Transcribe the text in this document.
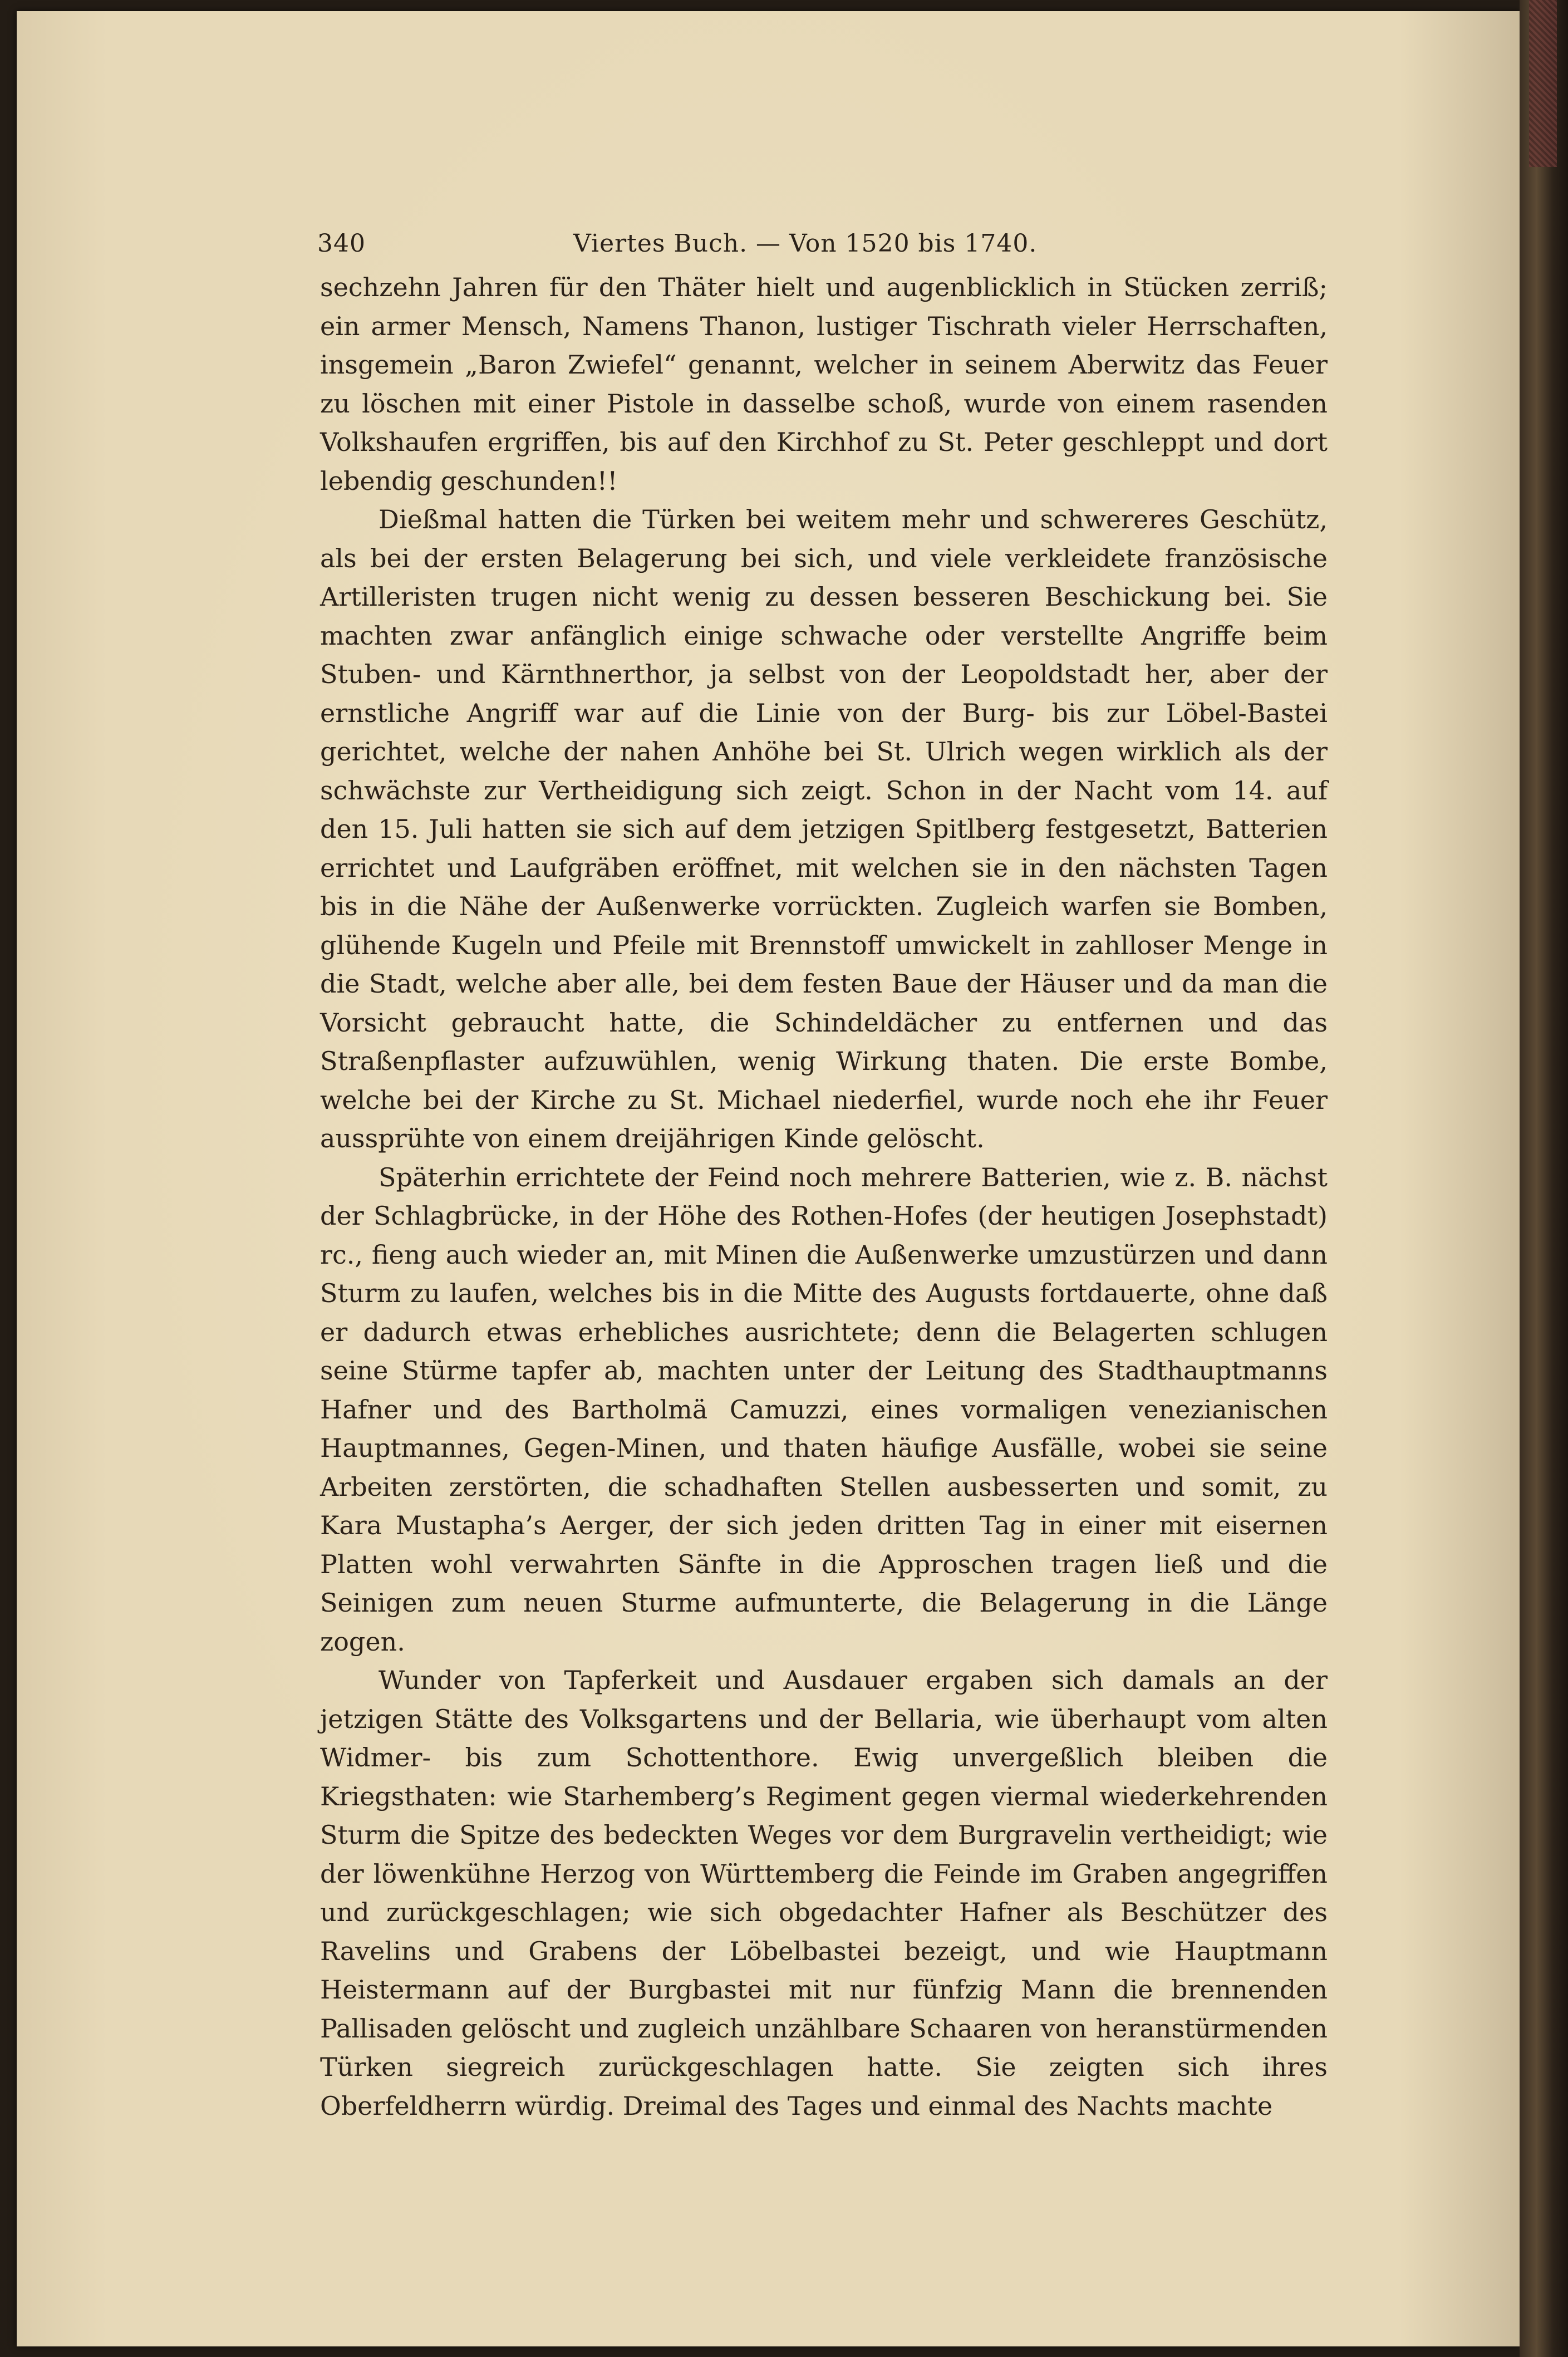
340	Viertes Buch. — Von 1520 bis 1740.

sechzehn Jahren für den Thäter hielt und augenblicklich in Stücken zerriß; ein armer Mensch, Namens Thanon, lustiger Tischrath vieler Herrschaften, insgemein „Baron Zwiefel“ genannt, welcher in seinem Aberwitz das Feuer zu löschen mit einer Pistole in dasselbe schoß, wurde von einem rasenden Volkshaufen ergriffen, bis auf den Kirchhof zu St. Peter geschleppt und dort lebendig geschunden!!

Dießmal hatten die Türken bei weitem mehr und schwereres Geschütz, als bei der ersten Belagerung bei sich, und viele verkleidete französische Artilleristen trugen nicht wenig zu dessen besseren Beschickung bei. Sie machten zwar anfänglich einige schwache oder verstellte Angriffe beim Stuben- und Kärnthnerthor, ja selbst von der Leopoldstadt her, aber der ernstliche Angriff war auf die Linie von der Burg- bis zur Löbel-Bastei gerichtet, welche der nahen Anhöhe bei St. Ulrich wegen wirklich als der schwächste zur Vertheidigung sich zeigt. Schon in der Nacht vom 14. auf den 15. Juli hatten sie sich auf dem jetzigen Spitlberg festgesetzt, Batterien errichtet und Laufgräben eröffnet, mit welchen sie in den nächsten Tagen bis in die Nähe der Außenwerke vorrückten. Zugleich warfen sie Bomben, glühende Kugeln und Pfeile mit Brennstoff umwickelt in zahlloser Menge in die Stadt, welche aber alle, bei dem festen Baue der Häuser und da man die Vorsicht gebraucht hatte, die Schindeldächer zu entfernen und das Straßenpflaster aufzuwühlen, wenig Wirkung thaten. Die erste Bombe, welche bei der Kirche zu St. Michael niederfiel, wurde noch ehe ihr Feuer aussprühte von einem dreijährigen Kinde gelöscht.

Späterhin errichtete der Feind noch mehrere Batterien, wie z. B. nächst der Schlagbrücke, in der Höhe des Rothen-Hofes (der heutigen Josephstadt) rc., fieng auch wieder an, mit Minen die Außenwerke umzustürzen und dann Sturm zu laufen, welches bis in die Mitte des Augusts fortdauerte, ohne daß er dadurch etwas erhebliches ausrichtete; denn die Belagerten schlugen seine Stürme tapfer ab, machten unter der Leitung des Stadthauptmanns Hafner und des Bartholmä Camuzzi, eines vormaligen venezianischen Hauptmannes, Gegen-Minen, und thaten häufige Ausfälle, wobei sie seine Arbeiten zerstörten, die schadhaften Stellen ausbesserten und somit, zu Kara Mustapha’s Aerger, der sich jeden dritten Tag in einer mit eisernen Platten wohl verwahrten Sänfte in die Approschen tragen ließ und die Seinigen zum neuen Sturme aufmunterte, die Belagerung in die Länge zogen.

Wunder von Tapferkeit und Ausdauer ergaben sich damals an der jetzigen Stätte des Volksgartens und der Bellaria, wie überhaupt vom alten Widmer- bis zum Schottenthore. Ewig unvergeßlich bleiben die Kriegsthaten: wie Starhemberg’s Regiment gegen viermal wiederkehrenden Sturm die Spitze des bedeckten Weges vor dem Burgravelin vertheidigt; wie der löwenkühne Herzog von Württemberg die Feinde im Graben angegriffen und zurückgeschlagen; wie sich obgedachter Hafner als Beschützer des Ravelins und Grabens der Löbelbastei bezeigt, und wie Hauptmann Heistermann auf der Burgbastei mit nur fünfzig Mann die brennenden Pallisaden gelöscht und zugleich unzählbare Schaaren von heranstürmenden Türken siegreich zurückgeschlagen hatte. Sie zeigten sich ihres Oberfeldherrn würdig. Dreimal des Tages und einmal des Nachts machte
